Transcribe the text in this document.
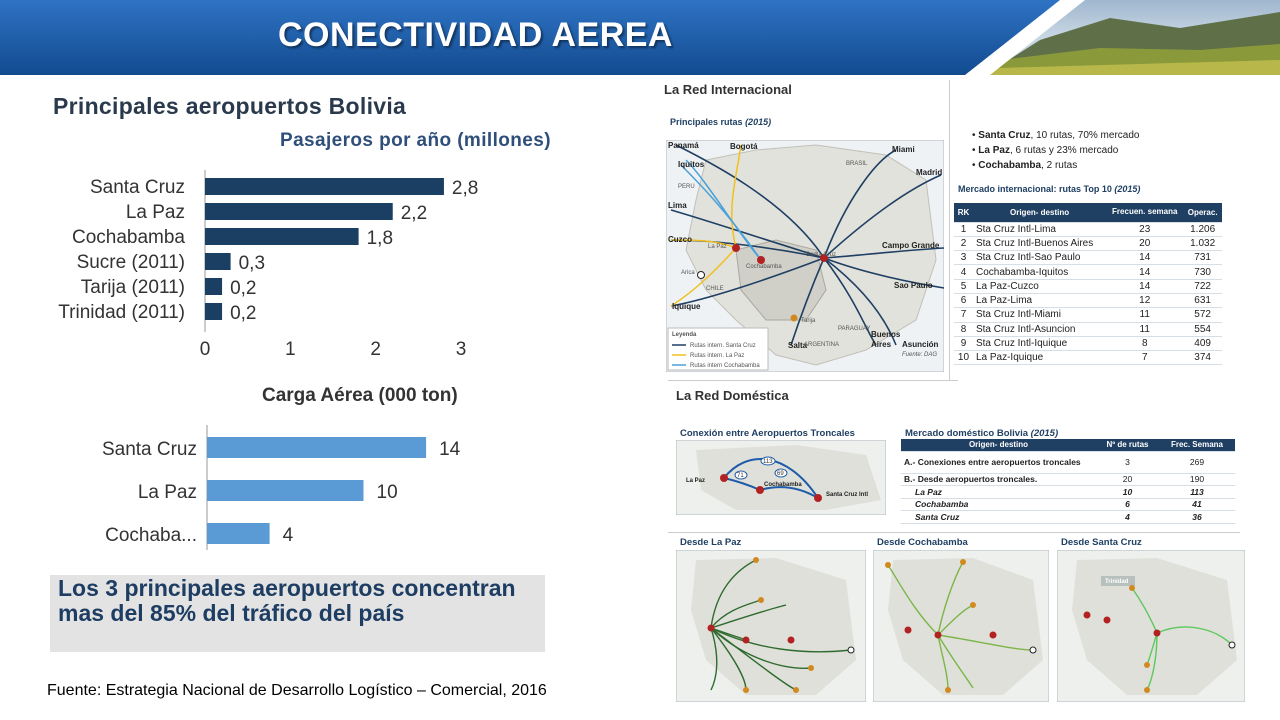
CONECTIVIDAD AEREA
Principales aeropuertos Bolivia
Pasajeros por año (millones)
Santa Cruz	2,8
La Paz	2,2
Cochabamba	1,8
Sucre (2011)	0,3
Tarija (2011) 0,2
Trinidad (2011) 0,2
0	1	2	3
Carga Aérea (000 ton)
Santa Cruz	14
La Paz	10
Cochaba...	4
Los 3 principales aeropuertos concentran mas del 85% del tráfico del país
Fuente: Estrategia Nacional de Desarrollo Logístico – Comercial, 2016
La Red Internacional
Principales rutas (2015)
Panamá	Bogotá	Miami
Iquitos
Madrid
Lima
Cuzco
Campo Grande
Iquique
Sao Paulo
Salta
Buenos
Aires Asunción
BRASIL
PERU
CHILE
PARAGUAY
ARGENTINA
La Paz
Cochabamba
Santa Cruz
Tarija
Arica
Leyenda
Rutas intern. Santa Cruz
Rutas intern. La Paz
Rutas intern Cochabamba
Fuente: DAG
• Santa Cruz, 10 rutas, 70% mercado
• La Paz, 6 rutas y 23% mercado
• Cochabamba, 2 rutas
Mercado internacional: rutas Top 10 (2015)
RK	Origen- destino	Frecuen. semana	Operac.
1	Sta Cruz Intl-Lima	23	1.206
2	Sta Cruz Intl-Buenos Aires	20	1.032
3	Sta Cruz Intl-Sao Paulo	14	731
4	Cochabamba-Iquitos	14	730
5	La Paz-Cuzco	14	722
6	La Paz-Lima	12	631
7	Sta Cruz Intl-Miami	11	572
8	Sta Cruz Intl-Asuncion	11	554
9	Sta Cruz Intl-Iquique	8	409
10	La Paz-Iquique	7	374
La Red Doméstica
Conexión entre Aeropuertos Troncales
113
69
71
La Paz
Cochabamba
Santa Cruz Intl
Mercado doméstico Bolivia (2015)
Origen- destino	Nº de rutas	Frec. Semana
A.- Conexiones entre aeropuertos troncales	3	269
B.- Desde aeropuertos troncales.	20	190
La Paz	10	113
Cochabamba	6	41
Santa Cruz	4	36
Desde La Paz	Desde Cochabamba	Desde Santa Cruz
Trinidad
